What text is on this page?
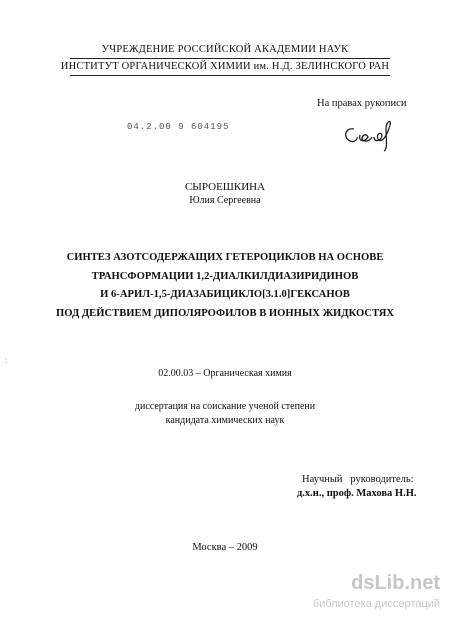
УЧРЕЖДЕНИЕ РОССИЙСКОЙ АКАДЕМИИ НАУК
ИНСТИТУТ ОРГАНИЧЕСКОЙ ХИМИИ им. Н.Д. ЗЕЛИНСКОГО РАН
На правах рукописи
04.2.00 9 604195
СЫРОЕШКИНА
Юлия Сергеевна
СИНТЕЗ АЗОТСОДЕРЖАЩИХ ГЕТЕРОЦИКЛОВ НА ОСНОВЕ
ТРАНСФОРМАЦИИ 1,2-ДИАЛКИЛДИАЗИРИДИНОВ
И 6-АРИЛ-1,5-ДИАЗАБИЦИКЛО[3.1.0]ГЕКСАНОВ
ПОД ДЕЙСТВИЕМ ДИПОЛЯРОФИЛОВ В ИОННЫХ ЖИДКОСТЯХ
:
02.00.03 – Органическая химия
диссертация на соискание ученой степени
кандидата химических наук
Научный   руководитель:
д.х.н., проф. Махова Н.Н.
Москва – 2009
dsLib.net
библиотека диссертаций
